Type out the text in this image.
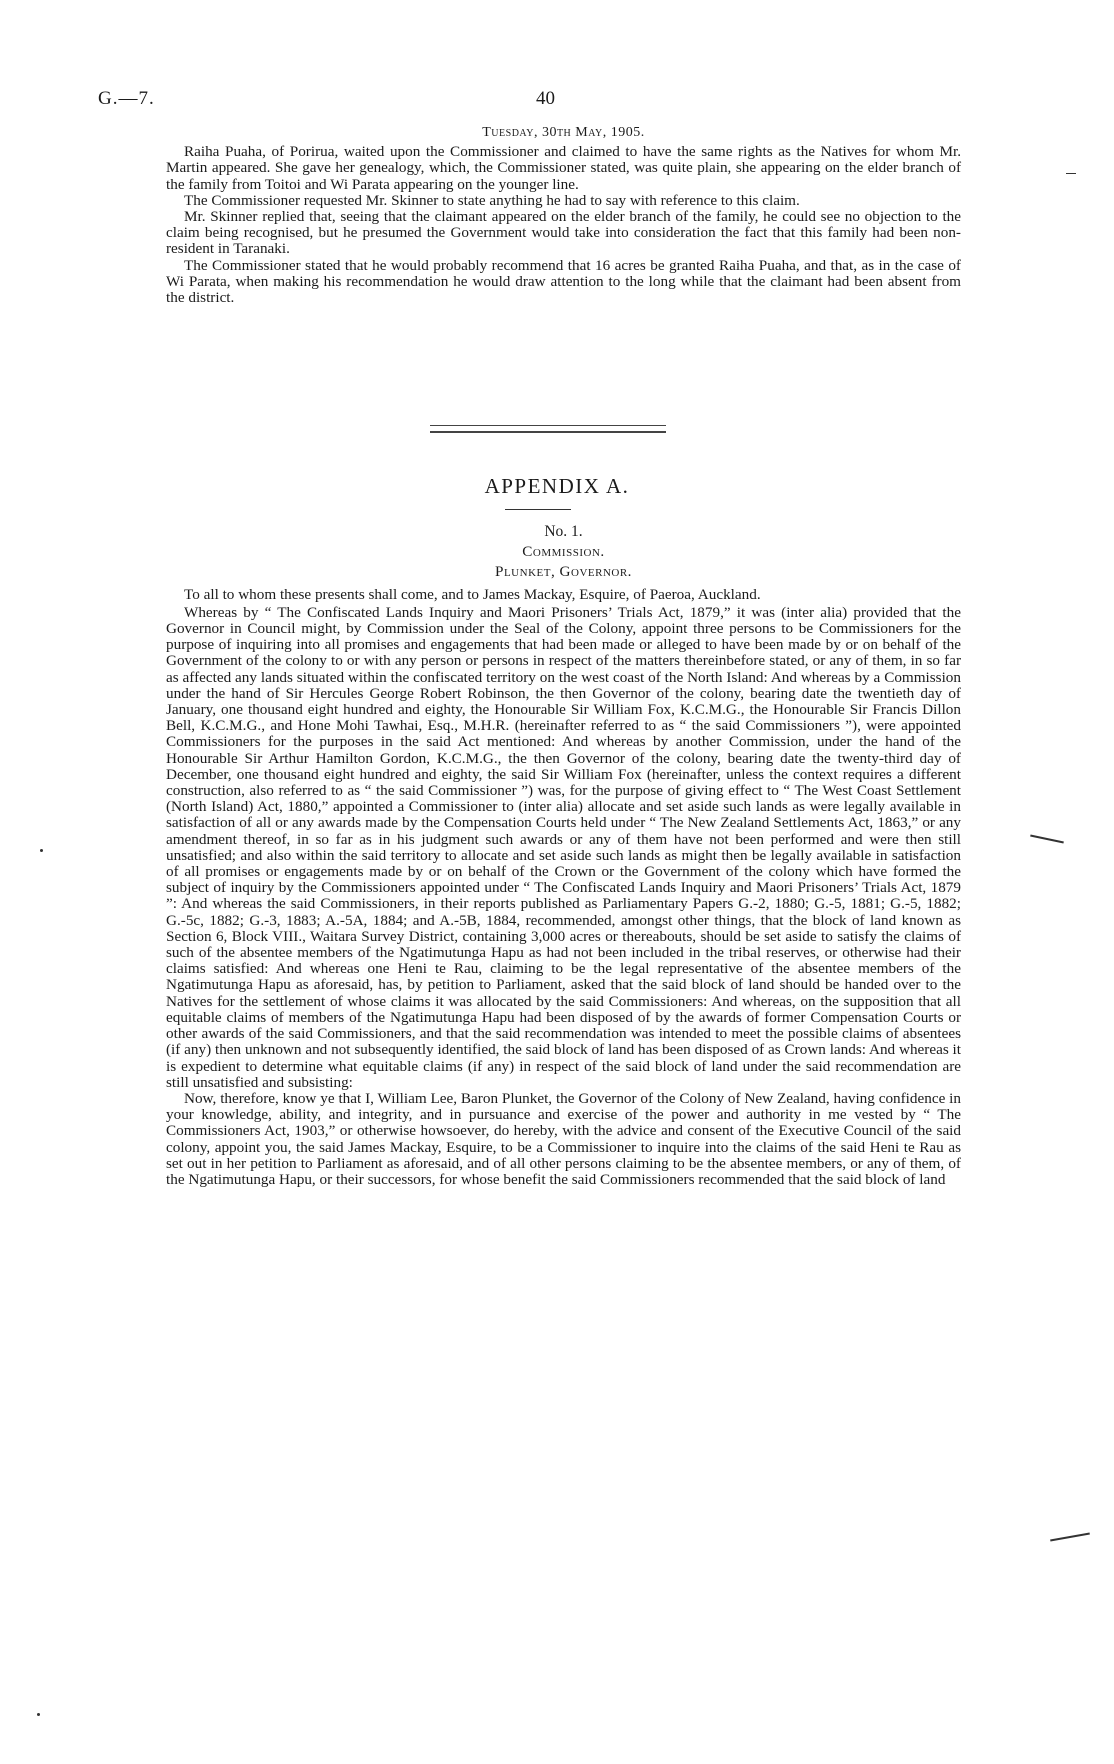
G.—7.	40

Tuesday, 30th May, 1905.

Raiha Puaha, of Porirua, waited upon the Commissioner and claimed to have the same rights as the Natives for whom Mr. Martin appeared. She gave her genealogy, which, the Commissioner stated, was quite plain, she appearing on the elder branch of the family from Toitoi and Wi Parata appearing on the younger line.

The Commissioner requested Mr. Skinner to state anything he had to say with reference to this claim.

Mr. Skinner replied that, seeing that the claimant appeared on the elder branch of the family, he could see no objection to the claim being recognised, but he presumed the Government would take into consideration the fact that this family had been non-resident in Taranaki.

The Commissioner stated that he would probably recommend that 16 acres be granted Raiha Puaha, and that, as in the case of Wi Parata, when making his recommendation he would draw attention to the long while that the claimant had been absent from the district.

APPENDIX A.

No. 1.

Commission.

Plunket, Governor.

To all to whom these presents shall come, and to James Mackay, Esquire, of Paeroa, Auckland.

Whereas by “ The Confiscated Lands Inquiry and Maori Prisoners’ Trials Act, 1879,” it was (inter alia) provided that the Governor in Council might, by Commission under the Seal of the Colony, appoint three persons to be Commissioners for the purpose of inquiring into all promises and engagements that had been made or alleged to have been made by or on behalf of the Government of the colony to or with any person or persons in respect of the matters thereinbefore stated, or any of them, in so far as affected any lands situated within the confiscated territory on the west coast of the North Island: And whereas by a Commission under the hand of Sir Hercules George Robert Robinson, the then Governor of the colony, bearing date the twentieth day of January, one thousand eight hundred and eighty, the Honourable Sir William Fox, K.C.M.G., the Honourable Sir Francis Dillon Bell, K.C.M.G., and Hone Mohi Tawhai, Esq., M.H.R. (hereinafter referred to as “ the said Commissioners ”), were appointed Commissioners for the purposes in the said Act mentioned: And whereas by another Commission, under the hand of the Honourable Sir Arthur Hamilton Gordon, K.C.M.G., the then Governor of the colony, bearing date the twenty-third day of December, one thousand eight hundred and eighty, the said Sir William Fox (hereinafter, unless the context requires a different construction, also referred to as “ the said Commissioner ”) was, for the purpose of giving effect to “ The West Coast Settlement (North Island) Act, 1880,” appointed a Commissioner to (inter alia) allocate and set aside such lands as were legally available in satisfaction of all or any awards made by the Compensation Courts held under “ The New Zealand Settlements Act, 1863,” or any amendment thereof, in so far as in his judgment such awards or any of them have not been performed and were then still unsatisfied; and also within the said territory to allocate and set aside such lands as might then be legally available in satisfaction of all promises or engagements made by or on behalf of the Crown or the Government of the colony which have formed the subject of inquiry by the Commissioners appointed under “ The Confiscated Lands Inquiry and Maori Prisoners’ Trials Act, 1879 ”: And whereas the said Commissioners, in their reports published as Parliamentary Papers G.-2, 1880; G.-5, 1881; G.-5, 1882; G.-5c, 1882; G.-3, 1883; A.-5A, 1884; and A.-5B, 1884, recommended, amongst other things, that the block of land known as Section 6, Block VIII., Waitara Survey District, containing 3,000 acres or thereabouts, should be set aside to satisfy the claims of such of the absentee members of the Ngatimutunga Hapu as had not been included in the tribal reserves, or otherwise had their claims satisfied: And whereas one Heni te Rau, claiming to be the legal representative of the absentee members of the Ngatimutunga Hapu as aforesaid, has, by petition to Parliament, asked that the said block of land should be handed over to the Natives for the settlement of whose claims it was allocated by the said Commissioners: And whereas, on the supposition that all equitable claims of members of the Ngatimutunga Hapu had been disposed of by the awards of former Compensation Courts or other awards of the said Commissioners, and that the said recommendation was intended to meet the possible claims of absentees (if any) then unknown and not subsequently identified, the said block of land has been disposed of as Crown lands: And whereas it is expedient to determine what equitable claims (if any) in respect of the said block of land under the said recommendation are still unsatisfied and subsisting:

Now, therefore, know ye that I, William Lee, Baron Plunket, the Governor of the Colony of New Zealand, having confidence in your knowledge, ability, and integrity, and in pursuance and exercise of the power and authority in me vested by “ The Commissioners Act, 1903,” or otherwise howsoever, do hereby, with the advice and consent of the Executive Council of the said colony, appoint you, the said James Mackay, Esquire, to be a Commissioner to inquire into the claims of the said Heni te Rau as set out in her petition to Parliament as aforesaid, and of all other persons claiming to be the absentee members, or any of them, of the Ngatimutunga Hapu, or their successors, for whose benefit the said Commissioners recommended that the said block of land
